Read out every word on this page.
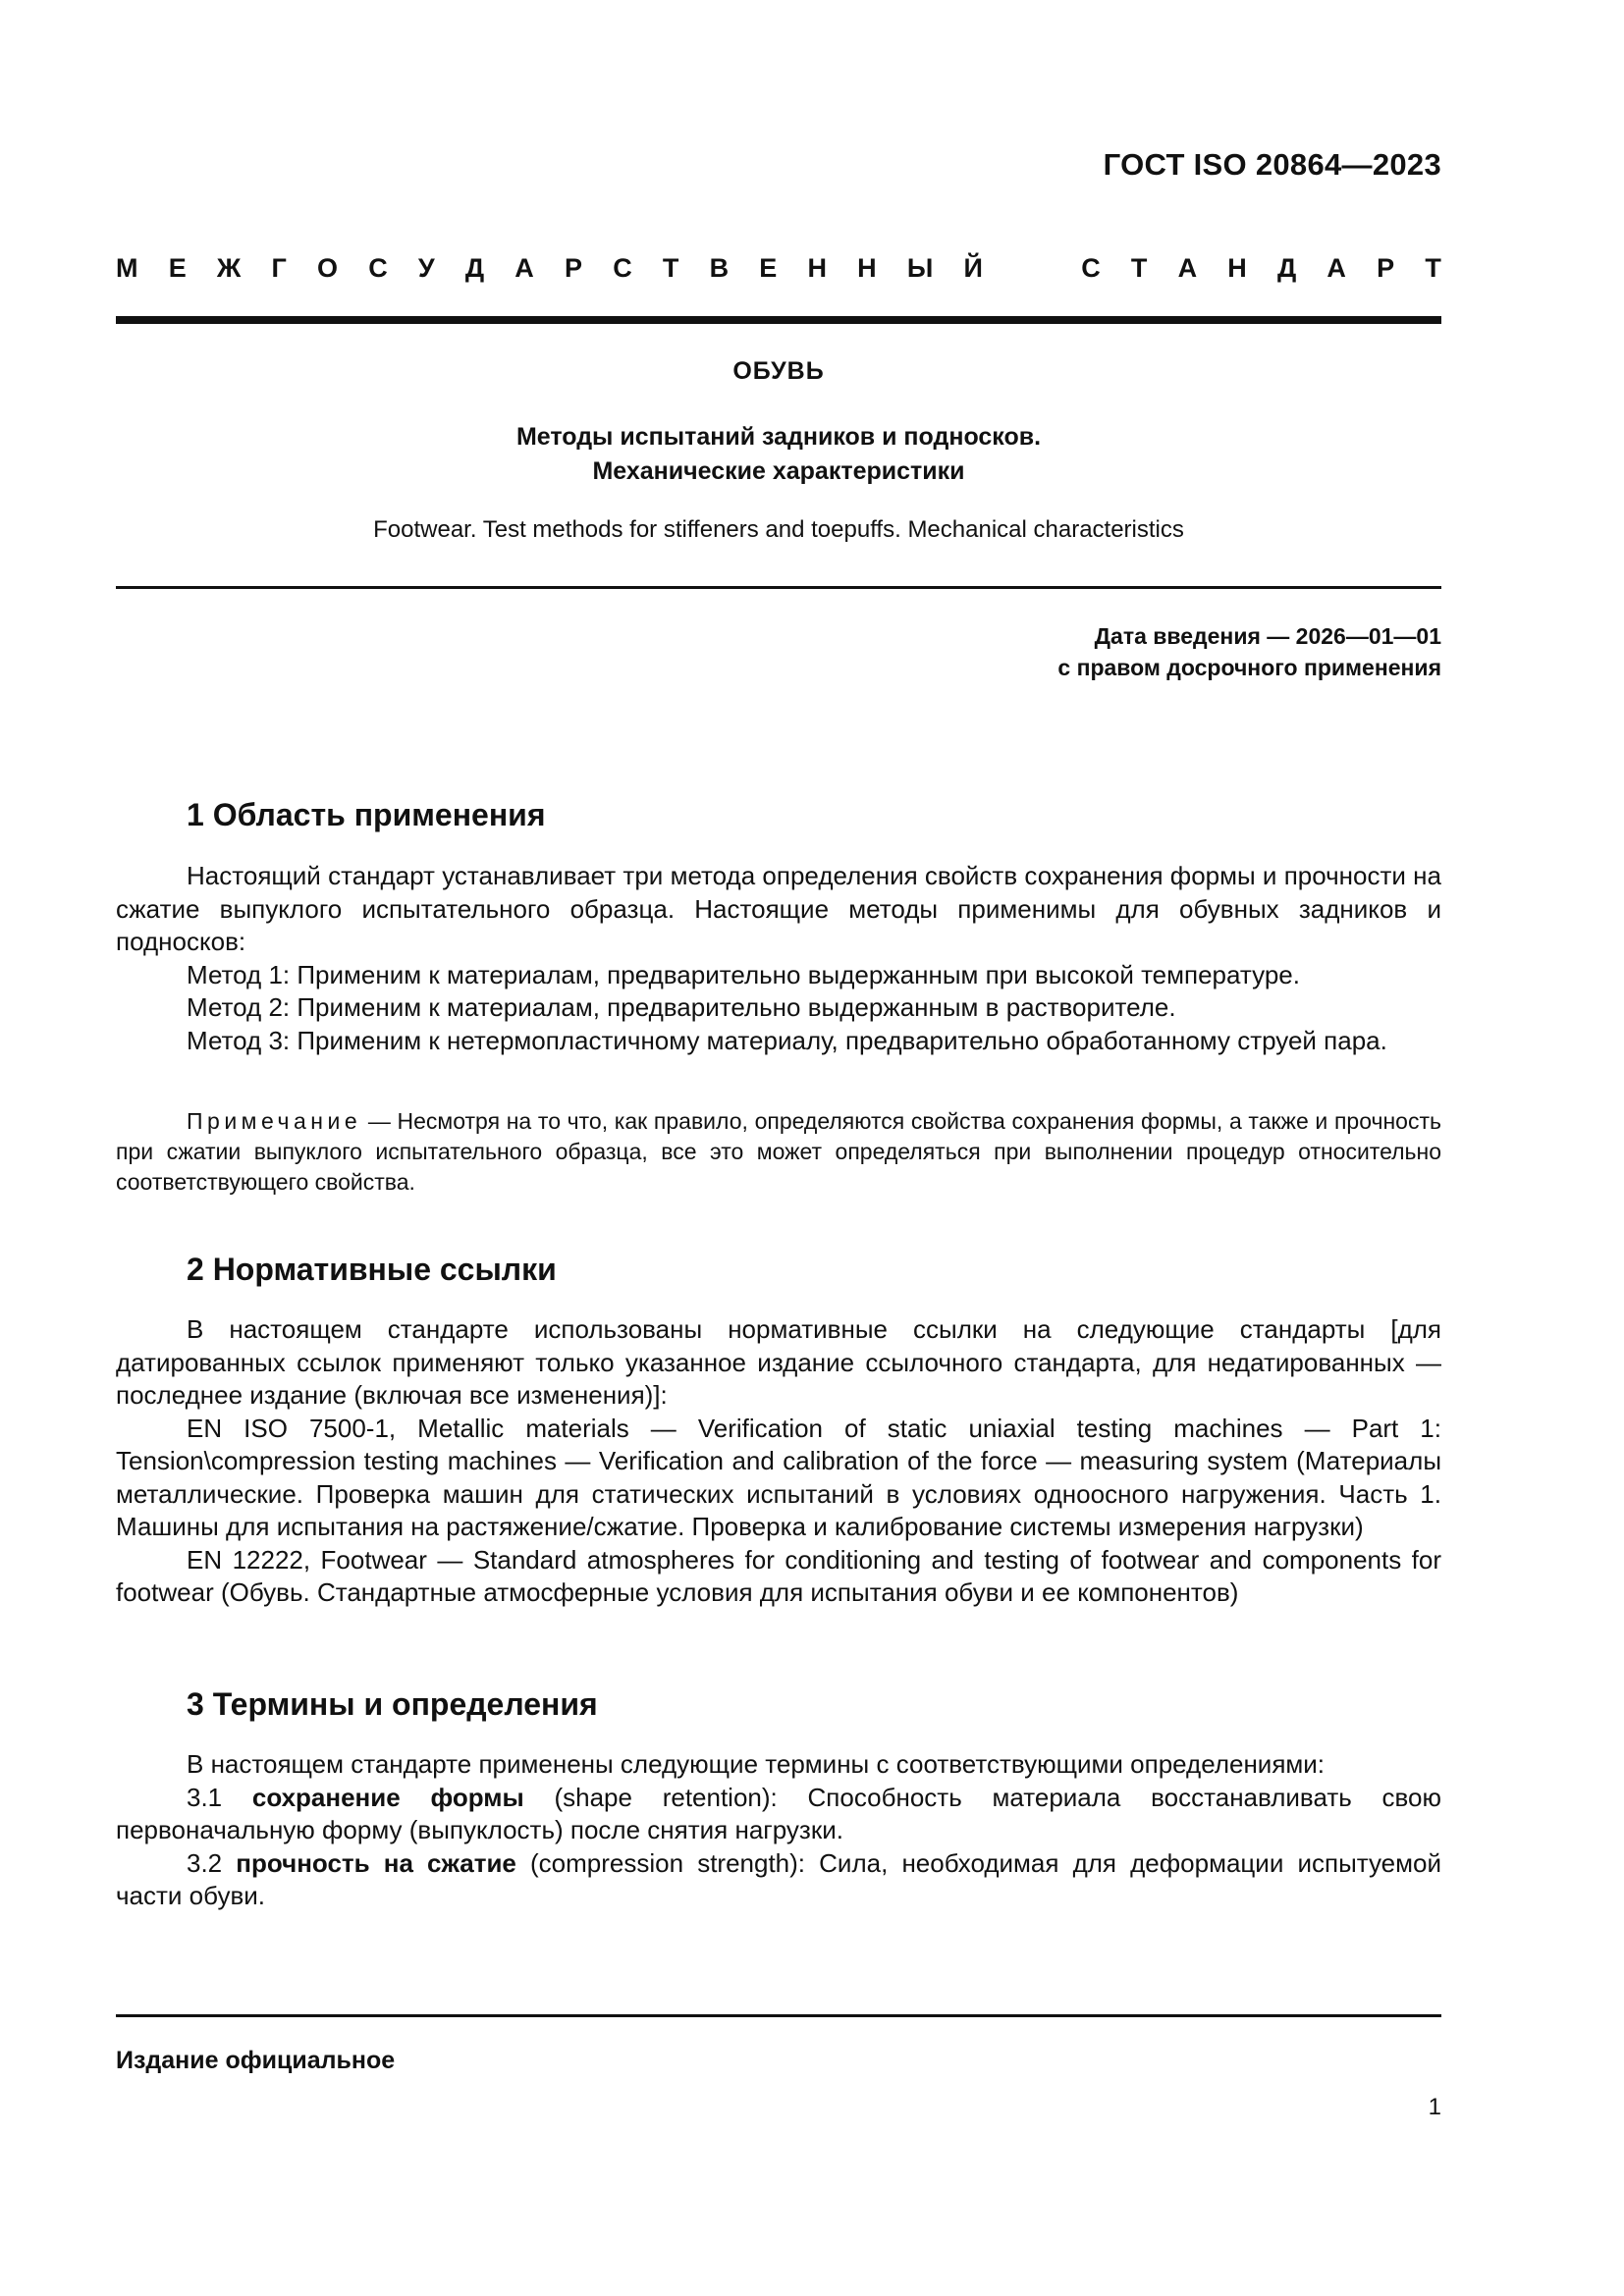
ГОСТ ISO 20864—2023
М Е Ж Г О С У Д А Р С Т В Е Н Н Ы Й	С Т А Н Д А Р Т
ОБУВЬ
Методы испытаний задников и подносков.
Механические характеристики
Footwear. Test methods for stiffeners and toepuffs. Mechanical characteristics
Дата введения — 2026—01—01
с правом досрочного применения
1 Область применения

Настоящий стандарт устанавливает три метода определения свойств сохранения формы и прочности на сжатие выпуклого испытательного образца. Настоящие методы применимы для обувных задников и подносков:

Метод 1: Применим к материалам, предварительно выдержанным при высокой температуре.

Метод 2: Применим к материалам, предварительно выдержанным в растворителе.

Метод 3: Применим к нетермопластичному материалу, предварительно обработанному струей пара.

Примечание — Несмотря на то что, как правило, определяются свойства сохранения формы, а также и прочность при сжатии выпуклого испытательного образца, все это может определяться при выполнении процедур относительно соответствующего свойства.

2 Нормативные ссылки

В настоящем стандарте использованы нормативные ссылки на следующие стандарты [для датированных ссылок применяют только указанное издание ссылочного стандарта, для недатированных — последнее издание (включая все изменения)]:

EN ISO 7500-1, Metallic materials — Verification of static uniaxial testing machines — Part 1: Tension\compression testing machines — Verification and calibration of the force — measuring system (Материалы металлические. Проверка машин для статических испытаний в условиях одноосного нагружения. Часть 1. Машины для испытания на растяжение/сжатие. Проверка и калибрование системы измерения нагрузки)

EN 12222, Footwear — Standard atmospheres for conditioning and testing of footwear and components for footwear (Обувь. Стандартные атмосферные условия для испытания обуви и ее компонентов)

3 Термины и определения

В настоящем стандарте применены следующие термины с соответствующими определениями:

3.1 сохранение формы (shape retention): Способность материала восстанавливать свою первоначальную форму (выпуклость) после снятия нагрузки.

3.2 прочность на сжатие (compression strength): Сила, необходимая для деформации испытуемой части обуви.

Издание официальное
1
